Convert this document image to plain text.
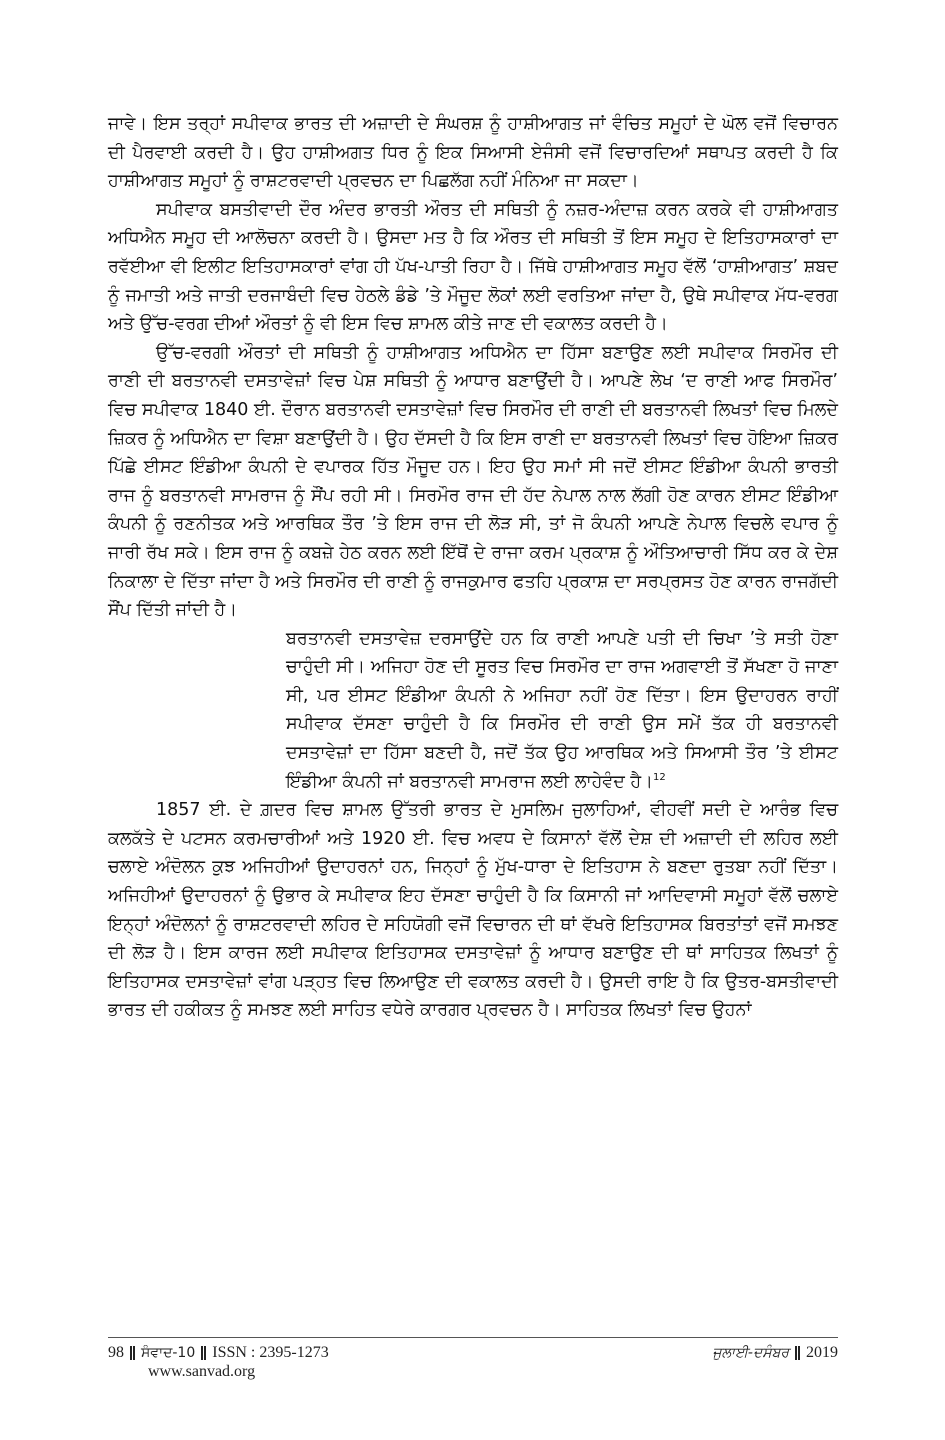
ਜਾਵੇ। ਇਸ ਤਰ੍ਹਾਂ ਸਪੀਵਾਕ ਭਾਰਤ ਦੀ ਅਜ਼ਾਦੀ ਦੇ ਸੰਘਰਸ਼ ਨੂੰ ਹਾਸ਼ੀਆਗਤ ਜਾਂ ਵੰਚਿਤ ਸਮੂਹਾਂ ਦੇ ਘੋਲ ਵਜੋਂ ਵਿਚਾਰਨ ਦੀ ਪੈਰਵਾਈ ਕਰਦੀ ਹੈ। ਉਹ ਹਾਸ਼ੀਅਗਤ ਧਿਰ ਨੂੰ ਇਕ ਸਿਆਸੀ ਏਜੰਸੀ ਵਜੋਂ ਵਿਚਾਰਦਿਆਂ ਸਥਾਪਤ ਕਰਦੀ ਹੈ ਕਿ ਹਾਸ਼ੀਆਗਤ ਸਮੂਹਾਂ ਨੂੰ ਰਾਸ਼ਟਰਵਾਦੀ ਪ੍ਰਵਚਨ ਦਾ ਪਿਛਲੱਗ ਨਹੀਂ ਮੰਨਿਆ ਜਾ ਸਕਦਾ।

ਸਪੀਵਾਕ ਬਸਤੀਵਾਦੀ ਦੌਰ ਅੰਦਰ ਭਾਰਤੀ ਔਰਤ ਦੀ ਸਥਿਤੀ ਨੂੰ ਨਜ਼ਰ-ਅੰਦਾਜ਼ ਕਰਨ ਕਰਕੇ ਵੀ ਹਾਸ਼ੀਆਗਤ ਅਧਿਐਨ ਸਮੂਹ ਦੀ ਆਲੋਚਨਾ ਕਰਦੀ ਹੈ। ਉਸਦਾ ਮਤ ਹੈ ਕਿ ਔਰਤ ਦੀ ਸਥਿਤੀ ਤੋਂ ਇਸ ਸਮੂਹ ਦੇ ਇਤਿਹਾਸਕਾਰਾਂ ਦਾ ਰਵੱਈਆ ਵੀ ਇਲੀਟ ਇਤਿਹਾਸਕਾਰਾਂ ਵਾਂਗ ਹੀ ਪੱਖ-ਪਾਤੀ ਰਿਹਾ ਹੈ। ਜਿੱਥੇ ਹਾਸ਼ੀਆਗਤ ਸਮੂਹ ਵੱਲੋਂ ‘ਹਾਸ਼ੀਆਗਤ’ ਸ਼ਬਦ ਨੂੰ ਜਮਾਤੀ ਅਤੇ ਜਾਤੀ ਦਰਜਾਬੰਦੀ ਵਿਚ ਹੇਠਲੇ ਡੰਡੇ ’ਤੇ ਮੌਜੂਦ ਲੋਕਾਂ ਲਈ ਵਰਤਿਆ ਜਾਂਦਾ ਹੈ, ਉਥੇ ਸਪੀਵਾਕ ਮੱਧ-ਵਰਗ ਅਤੇ ਉੱਚ-ਵਰਗ ਦੀਆਂ ਔਰਤਾਂ ਨੂੰ ਵੀ ਇਸ ਵਿਚ ਸ਼ਾਮਲ ਕੀਤੇ ਜਾਣ ਦੀ ਵਕਾਲਤ ਕਰਦੀ ਹੈ।

ਉੱਚ-ਵਰਗੀ ਔਰਤਾਂ ਦੀ ਸਥਿਤੀ ਨੂੰ ਹਾਸ਼ੀਆਗਤ ਅਧਿਐਨ ਦਾ ਹਿੱਸਾ ਬਣਾਉਣ ਲਈ ਸਪੀਵਾਕ ਸਿਰਮੌਰ ਦੀ ਰਾਣੀ ਦੀ ਬਰਤਾਨਵੀ ਦਸਤਾਵੇਜ਼ਾਂ ਵਿਚ ਪੇਸ਼ ਸਥਿਤੀ ਨੂੰ ਆਧਾਰ ਬਣਾਉਂਦੀ ਹੈ। ਆਪਣੇ ਲੇਖ ‘ਦ ਰਾਣੀ ਆਫ ਸਿਰਮੌਰ’ ਵਿਚ ਸਪੀਵਾਕ 1840 ਈ. ਦੌਰਾਨ ਬਰਤਾਨਵੀ ਦਸਤਾਵੇਜ਼ਾਂ ਵਿਚ ਸਿਰਮੌਰ ਦੀ ਰਾਣੀ ਦੀ ਬਰਤਾਨਵੀ ਲਿਖਤਾਂ ਵਿਚ ਮਿਲਦੇ ਜ਼ਿਕਰ ਨੂੰ ਅਧਿਐਨ ਦਾ ਵਿਸ਼ਾ ਬਣਾਉਂਦੀ ਹੈ। ਉਹ ਦੱਸਦੀ ਹੈ ਕਿ ਇਸ ਰਾਣੀ ਦਾ ਬਰਤਾਨਵੀ ਲਿਖਤਾਂ ਵਿਚ ਹੋਇਆ ਜ਼ਿਕਰ ਪਿੱਛੇ ਈਸਟ ਇੰਡੀਆ ਕੰਪਨੀ ਦੇ ਵਪਾਰਕ ਹਿੱਤ ਮੌਜੂਦ ਹਨ। ਇਹ ਉਹ ਸਮਾਂ ਸੀ ਜਦੋਂ ਈਸਟ ਇੰਡੀਆ ਕੰਪਨੀ ਭਾਰਤੀ ਰਾਜ ਨੂੰ ਬਰਤਾਨਵੀ ਸਾਮਰਾਜ ਨੂੰ ਸੌਂਪ ਰਹੀ ਸੀ। ਸਿਰਮੌਰ ਰਾਜ ਦੀ ਹੱਦ ਨੇਪਾਲ ਨਾਲ ਲੱਗੀ ਹੋਣ ਕਾਰਨ ਈਸਟ ਇੰਡੀਆ ਕੰਪਨੀ ਨੂੰ ਰਣਨੀਤਕ ਅਤੇ ਆਰਥਿਕ ਤੌਰ ’ਤੇ ਇਸ ਰਾਜ ਦੀ ਲੋੜ ਸੀ, ਤਾਂ ਜੋ ਕੰਪਨੀ ਆਪਣੇ ਨੇਪਾਲ ਵਿਚਲੇ ਵਪਾਰ ਨੂੰ ਜਾਰੀ ਰੱਖ ਸਕੇ। ਇਸ ਰਾਜ ਨੂੰ ਕਬਜ਼ੇ ਹੇਠ ਕਰਨ ਲਈ ਇੱਥੋਂ ਦੇ ਰਾਜਾ ਕਰਮ ਪ੍ਰਕਾਸ਼ ਨੂੰ ਔਤਿਆਚਾਰੀ ਸਿੱਧ ਕਰ ਕੇ ਦੇਸ਼ ਨਿਕਾਲਾ ਦੇ ਦਿੱਤਾ ਜਾਂਦਾ ਹੈ ਅਤੇ ਸਿਰਮੌਰ ਦੀ ਰਾਣੀ ਨੂੰ ਰਾਜਕੁਮਾਰ ਫਤਹਿ ਪ੍ਰਕਾਸ਼ ਦਾ ਸਰਪ੍ਰਸਤ ਹੋਣ ਕਾਰਨ ਰਾਜਗੱਦੀ ਸੌਂਪ ਦਿੱਤੀ ਜਾਂਦੀ ਹੈ।

ਬਰਤਾਨਵੀ ਦਸਤਾਵੇਜ਼ ਦਰਸਾਉਂਦੇ ਹਨ ਕਿ ਰਾਣੀ ਆਪਣੇ ਪਤੀ ਦੀ ਚਿਖਾ ’ਤੇ ਸਤੀ ਹੋਣਾ ਚਾਹੁੰਦੀ ਸੀ। ਅਜਿਹਾ ਹੋਣ ਦੀ ਸੂਰਤ ਵਿਚ ਸਿਰਮੌਰ ਦਾ ਰਾਜ ਅਗਵਾਈ ਤੋਂ ਸੱਖਣਾ ਹੋ ਜਾਣਾ ਸੀ, ਪਰ ਈਸਟ ਇੰਡੀਆ ਕੰਪਨੀ ਨੇ ਅਜਿਹਾ ਨਹੀਂ ਹੋਣ ਦਿੱਤਾ। ਇਸ ਉਦਾਹਰਨ ਰਾਹੀਂ ਸਪੀਵਾਕ ਦੱਸਣਾ ਚਾਹੁੰਦੀ ਹੈ ਕਿ ਸਿਰਮੌਰ ਦੀ ਰਾਣੀ ਉਸ ਸਮੇਂ ਤੱਕ ਹੀ ਬਰਤਾਨਵੀ ਦਸਤਾਵੇਜ਼ਾਂ ਦਾ ਹਿੱਸਾ ਬਣਦੀ ਹੈ, ਜਦੋਂ ਤੱਕ ਉਹ ਆਰਥਿਕ ਅਤੇ ਸਿਆਸੀ ਤੌਰ ’ਤੇ ਈਸਟ ਇੰਡੀਆ ਕੰਪਨੀ ਜਾਂ ਬਰਤਾਨਵੀ ਸਾਮਰਾਜ ਲਈ ਲਾਹੇਵੰਦ ਹੈ।$^{12}$

1857 ਈ. ਦੇ ਗ਼ਦਰ ਵਿਚ ਸ਼ਾਮਲ ਉੱਤਰੀ ਭਾਰਤ ਦੇ ਮੁਸਲਿਮ ਜੁਲਾਹਿਆਂ, ਵੀਹਵੀਂ ਸਦੀ ਦੇ ਆਰੰਭ ਵਿਚ ਕਲਕੱਤੇ ਦੇ ਪਟਸਨ ਕਰਮਚਾਰੀਆਂ ਅਤੇ 1920 ਈ. ਵਿਚ ਅਵਧ ਦੇ ਕਿਸਾਨਾਂ ਵੱਲੋਂ ਦੇਸ਼ ਦੀ ਅਜ਼ਾਦੀ ਦੀ ਲਹਿਰ ਲਈ ਚਲਾਏ ਅੰਦੋਲਨ ਕੁਝ ਅਜਿਹੀਆਂ ਉਦਾਹਰਨਾਂ ਹਨ, ਜਿਨ੍ਹਾਂ ਨੂੰ ਮੁੱਖ-ਧਾਰਾ ਦੇ ਇਤਿਹਾਸ ਨੇ ਬਣਦਾ ਰੁਤਬਾ ਨਹੀਂ ਦਿੱਤਾ। ਅਜਿਹੀਆਂ ਉਦਾਹਰਨਾਂ ਨੂੰ ਉਭਾਰ ਕੇ ਸਪੀਵਾਕ ਇਹ ਦੱਸਣਾ ਚਾਹੁੰਦੀ ਹੈ ਕਿ ਕਿਸਾਨੀ ਜਾਂ ਆਦਿਵਾਸੀ ਸਮੂਹਾਂ ਵੱਲੋਂ ਚਲਾਏ ਇਨ੍ਹਾਂ ਅੰਦੋਲਨਾਂ ਨੂੰ ਰਾਸ਼ਟਰਵਾਦੀ ਲਹਿਰ ਦੇ ਸਹਿਯੋਗੀ ਵਜੋਂ ਵਿਚਾਰਨ ਦੀ ਥਾਂ ਵੱਖਰੇ ਇਤਿਹਾਸਕ ਬਿਰਤਾਂਤਾਂ ਵਜੋਂ ਸਮਝਣ ਦੀ ਲੋੜ ਹੈ। ਇਸ ਕਾਰਜ ਲਈ ਸਪੀਵਾਕ ਇਤਿਹਾਸਕ ਦਸਤਾਵੇਜ਼ਾਂ ਨੂੰ ਆਧਾਰ ਬਣਾਉਣ ਦੀ ਥਾਂ ਸਾਹਿਤਕ ਲਿਖਤਾਂ ਨੂੰ ਇਤਿਹਾਸਕ ਦਸਤਾਵੇਜ਼ਾਂ ਵਾਂਗ ਪੜ੍ਹਤ ਵਿਚ ਲਿਆਉਣ ਦੀ ਵਕਾਲਤ ਕਰਦੀ ਹੈ। ਉਸਦੀ ਰਾਇ ਹੈ ਕਿ ਉਤਰ-ਬਸਤੀਵਾਦੀ ਭਾਰਤ ਦੀ ਹਕੀਕਤ ਨੂੰ ਸਮਝਣ ਲਈ ਸਾਹਿਤ ਵਧੇਰੇ ਕਾਰਗਰ ਪ੍ਰਵਚਨ ਹੈ। ਸਾਹਿਤਕ ਲਿਖਤਾਂ ਵਿਚ ਉਹਨਾਂ

98 ਸੰਵਾਦ-10 ISSN : 2395-1273	ਜੁਲਾਈ-ਦਸੰਬਰ 2019
www.sanvad.org
